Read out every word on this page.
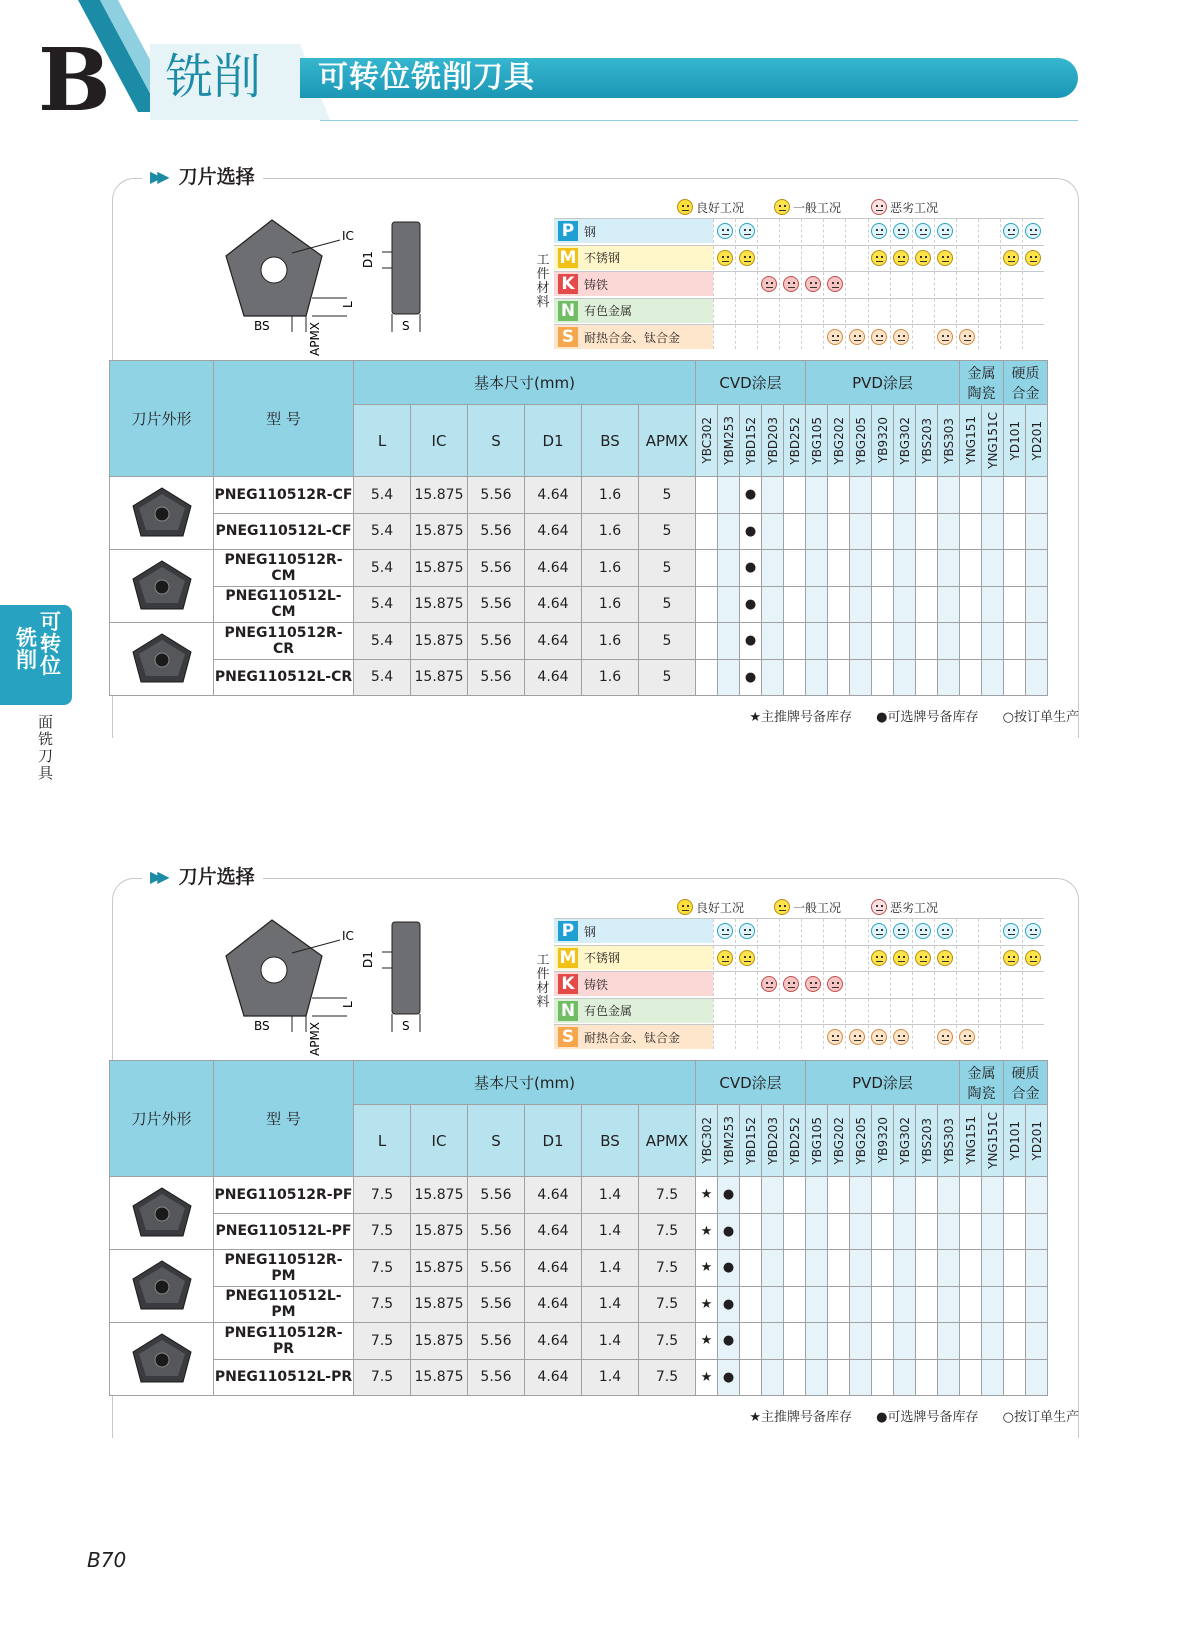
B 铣削	可转位铣削刀具
可转位
铣削
面铣刀具
▶▶ 刀片选择
IC
L
BS	APMX
D1
S
良好工况	一般工况	恶劣工况
工件材料
P 钢
M 不锈钢
K 铸铁
N 有色金属
S 耐热合金、钛合金
刀片外形	型 号	基本尺寸(mm)						CVD涂层					PVD涂层							金属陶瓷		硬质合金	
		L	IC	S	D1	BS	APMX	YBC302	YBM253	YBD152	YBD203	YBD252	YBG105	YBG202	YBG205	YB9320	YBG302	YBS203	YBS303	YNG151	YNG151C	YD101	YD201

	PNEG110512R-CF	5.4	15.875	5.56	4.64	1.6	5			●													
	PNEG110512L-CF	5.4	15.875	5.56	4.64	1.6	5			●													

	PNEG110512R-CM	5.4	15.875	5.56	4.64	1.6	5			●													
	PNEG110512L-CM	5.4	15.875	5.56	4.64	1.6	5			●													

	PNEG110512R-CR	5.4	15.875	5.56	4.64	1.6	5			●													
	PNEG110512L-CR	5.4	15.875	5.56	4.64	1.6	5			●													
★主推牌号备库存 ●可选牌号备库存 ○按订单生产
▶▶ 刀片选择
IC
L
BS	APMX
D1
S
良好工况	一般工况	恶劣工况
工件材料
P 钢
M 不锈钢
K 铸铁
N 有色金属
S 耐热合金、钛合金
刀片外形	型 号	基本尺寸(mm)						CVD涂层					PVD涂层							金属陶瓷		硬质合金	
		L	IC	S	D1	BS	APMX	YBC302	YBM253	YBD152	YBD203	YBD252	YBG105	YBG202	YBG205	YB9320	YBG302	YBS203	YBS303	YNG151	YNG151C	YD101	YD201

	PNEG110512R-PF	7.5	15.875	5.56	4.64	1.4	7.5	★	●														
	PNEG110512L-PF	7.5	15.875	5.56	4.64	1.4	7.5	★	●														

	PNEG110512R-PM	7.5	15.875	5.56	4.64	1.4	7.5	★	●														
	PNEG110512L-PM	7.5	15.875	5.56	4.64	1.4	7.5	★	●														

	PNEG110512R-PR	7.5	15.875	5.56	4.64	1.4	7.5	★	●														
	PNEG110512L-PR	7.5	15.875	5.56	4.64	1.4	7.5	★	●														
★主推牌号备库存 ●可选牌号备库存 ○按订单生产
B70
